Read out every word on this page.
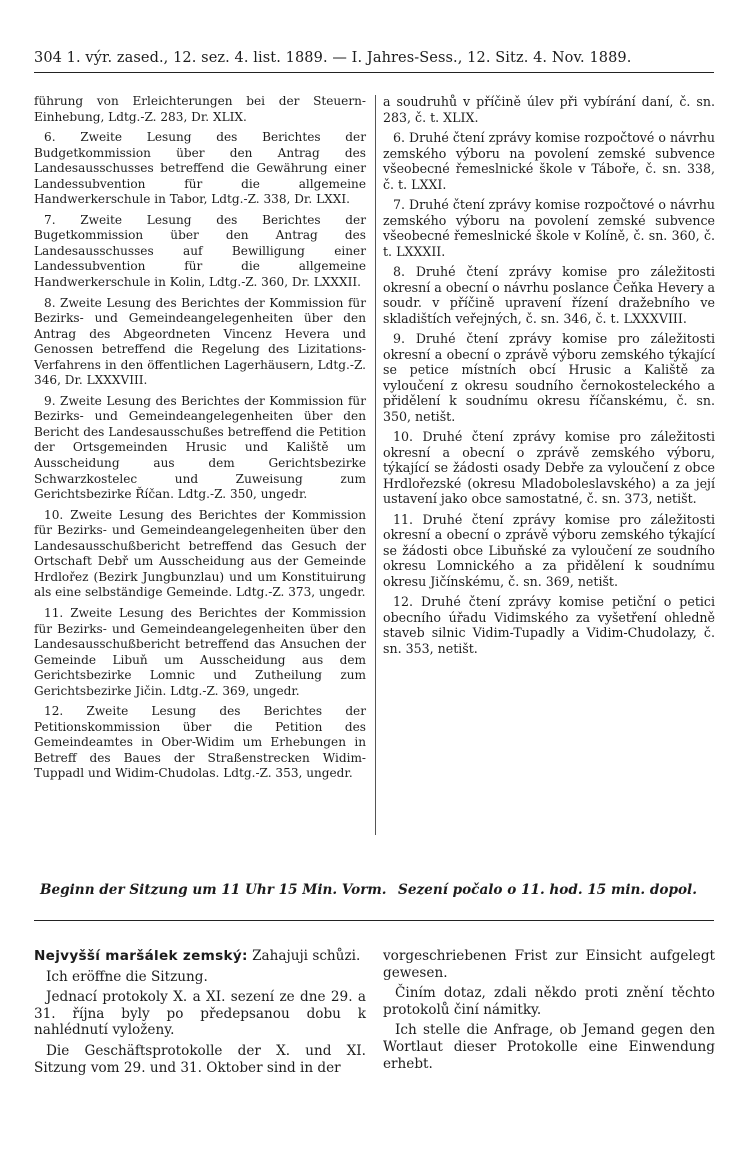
304 1. výr. zased., 12. sez. 4. list. 1889. — I. Jahres-Sess., 12. Sitz. 4. Nov. 1889.

führung von Erleichterungen bei der Steuern-Einhebung, Ldtg.-Z. 283, Dr. XLIX.

6. Zweite Lesung des Berichtes der Budgetkommission über den Antrag des Landesausschusses betreffend die Gewährung einer Landessubvention für die allgemeine Handwerkerschule in Tabor, Ldtg.-Z. 338, Dr. LXXI.

7. Zweite Lesung des Berichtes der Bugetkommission über den Antrag des Landesausschusses auf Bewilligung einer Landessubvention für die allgemeine Handwerkerschule in Kolin, Ldtg.-Z. 360, Dr. LXXXII.

8. Zweite Lesung des Berichtes der Kommission für Bezirks- und Gemeindeangelegenheiten über den Antrag des Abgeordneten Vincenz Hevera und Genossen betreffend die Regelung des Lizitations-Verfahrens in den öffentlichen Lagerhäusern, Ldtg.-Z. 346, Dr. LXXXVIII.

9. Zweite Lesung des Berichtes der Kommission für Bezirks- und Gemeindeangelegenheiten über den Bericht des Landesausschußes betreffend die Petition der Ortsgemeinden Hrusic und Kaliště um Ausscheidung aus dem Gerichtsbezirke Schwarzkostelec und Zuweisung zum Gerichtsbezirke Říčan. Ldtg.-Z. 350, ungedr.

10. Zweite Lesung des Berichtes der Kommission für Bezirks- und Gemeindeangelegenheiten über den Landesausschußbericht betreffend das Gesuch der Ortschaft Debř um Ausscheidung aus der Gemeinde Hrdlořez (Bezirk Jungbunzlau) und um Konstituirung als eine selbständige Gemeinde. Ldtg.-Z. 373, ungedr.

11. Zweite Lesung des Berichtes der Kommission für Bezirks- und Gemeindeangelegenheiten über den Landesausschußbericht betreffend das Ansuchen der Gemeinde Libuň um Ausscheidung aus dem Gerichtsbezirke Lomnic und Zutheilung zum Gerichtsbezirke Jičin. Ldtg.-Z. 369, ungedr.

12. Zweite Lesung des Berichtes der Petitionskommission über die Petition des Gemeindeamtes in Ober-Widim um Erhebungen in Betreff des Baues der Straßenstrecken Widim-Tuppadl und Widim-Chudolas. Ldtg.-Z. 353, ungedr.

a soudruhů v příčině úlev při vybírání daní, č. sn. 283, č. t. XLIX.

6. Druhé čtení zprávy komise rozpočtové o návrhu zemského výboru na povolení zemské subvence všeobecné řemeslnické škole v Táboře, č. sn. 338, č. t. LXXI.

7. Druhé čtení zprávy komise rozpočtové o návrhu zemského výboru na povolení zemské subvence všeobecné řemeslnické škole v Kolíně, č. sn. 360, č. t. LXXXII.

8. Druhé čtení zprávy komise pro záležitosti okresní a obecní o návrhu poslance Čeňka Hevery a soudr. v příčině upravení řízení dražebního ve skladištích veřejných, č. sn. 346, č. t. LXXXVIII.

9. Druhé čtení zprávy komise pro záležitosti okresní a obecní o zprávě výboru zemského týkající se petice místních obcí Hrusic a Kaliště za vyloučení z okresu soudního černokosteleckého a přidělení k soudnímu okresu říčanskému, č. sn. 350, netišt.

10. Druhé čtení zprávy komise pro záležitosti okresní a obecní o zprávě zemského výboru, týkající se žádosti osady Debře za vyloučení z obce Hrdlořezské (okresu Mladoboleslavského) a za její ustavení jako obce samostatné, č. sn. 373, netišt.

11. Druhé čtení zprávy komise pro záležitosti okresní a obecní o zprávě výboru zemského týkající se žádosti obce Libuňské za vyloučení ze soudního okresu Lomnického a za přidělení k soudnímu okresu Jičínskému, č. sn. 369, netišt.

12. Druhé čtení zprávy komise petiční o petici obecního úřadu Vidimského za vyšetření ohledně staveb silnic Vidim-Tupadly a Vidim-Chudolazy, č. sn. 353, netišt.

Beginn der Sitzung um 11 Uhr 15 Min. Vorm. Sezení počalo o 11. hod. 15 min. dopol.

Nejvyšší maršálek zemský: Zahajuji schůzi.

Ich eröffne die Sitzung.

Jednací protokoly X. a XI. sezení ze dne 29. a 31. října byly po předepsanou dobu k nahlédnutí vyloženy.

Die Geschäftsprotokolle der X. und XI. Sitzung vom 29. und 31. Oktober sind in der

vorgeschriebenen Frist zur Einsicht aufgelegt gewesen.

Činím dotaz, zdali někdo proti znění těchto protokolů činí námitky.

Ich stelle die Anfrage, ob Jemand gegen den Wortlaut dieser Protokolle eine Einwendung erhebt.
